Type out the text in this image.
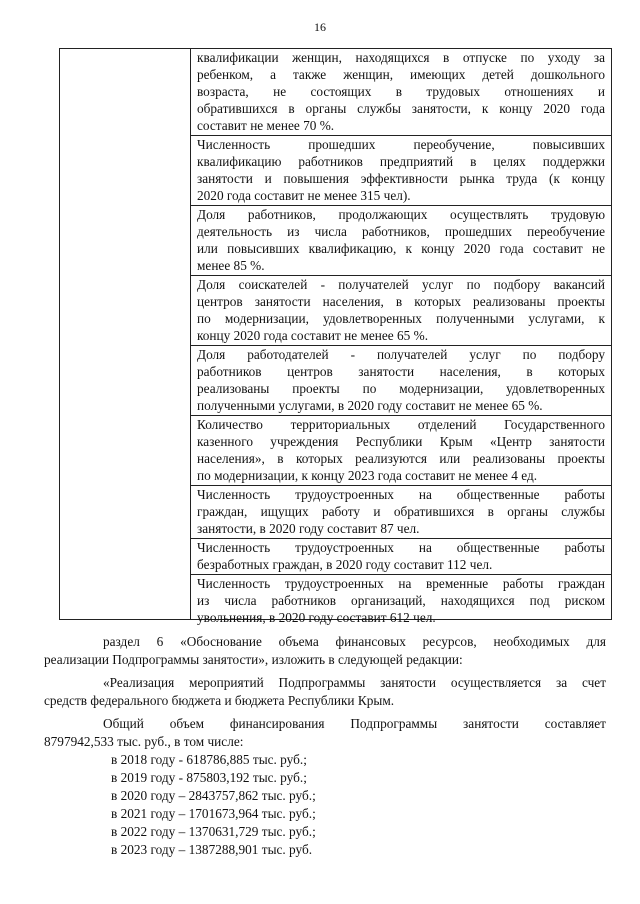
16
квалификации женщин, находящихся в отпуске по уходу за
ребенком, а также женщин, имеющих детей дошкольного
возраста, не состоящих в трудовых отношениях и
обратившихся в органы службы занятости, к концу 2020 года
составит не менее 70 %.
Численность прошедших переобучение, повысивших
квалификацию работников предприятий в целях поддержки
занятости и повышения эффективности рынка труда (к концу
2020 года составит не менее 315 чел).
Доля работников, продолжающих осуществлять трудовую
деятельность из числа работников, прошедших переобучение
или повысивших квалификацию, к концу 2020 года составит не
менее 85 %.
Доля соискателей - получателей услуг по подбору вакансий
центров занятости населения, в которых реализованы проекты
по модернизации, удовлетворенных полученными услугами, к
концу 2020 года составит не менее 65 %.
Доля работодателей - получателей услуг по подбору
работников центров занятости населения, в которых
реализованы проекты по модернизации, удовлетворенных
полученными услугами, в 2020 году составит не менее 65 %.
Количество территориальных отделений Государственного
казенного учреждения Республики Крым «Центр занятости
населения», в которых реализуются или реализованы проекты
по модернизации, к концу 2023 года составит не менее 4 ед.
Численность трудоустроенных на общественные работы
граждан, ищущих работу и обратившихся в органы службы
занятости, в 2020 году составит 87 чел.
Численность трудоустроенных на общественные работы
безработных граждан, в 2020 году составит 112 чел.
Численность трудоустроенных на временные работы граждан
из числа работников организаций, находящихся под риском
увольнения, в 2020 году составит 612 чел.
раздел 6 «Обоснование объема финансовых ресурсов, необходимых для
реализации Подпрограммы занятости», изложить в следующей редакции:
«Реализация мероприятий Подпрограммы занятости осуществляется за счет
средств федерального бюджета и бюджета Республики Крым.
Общий объем финансирования Подпрограммы занятости составляет
8797942,533 тыс. руб., в том числе:
в 2018 году - 618786,885 тыс. руб.;
в 2019 году - 875803,192 тыс. руб.;
в 2020 году – 2843757,862 тыс. руб.;
в 2021 году – 1701673,964 тыс. руб.;
в 2022 году – 1370631,729 тыс. руб.;
в 2023 году – 1387288,901 тыс. руб.
